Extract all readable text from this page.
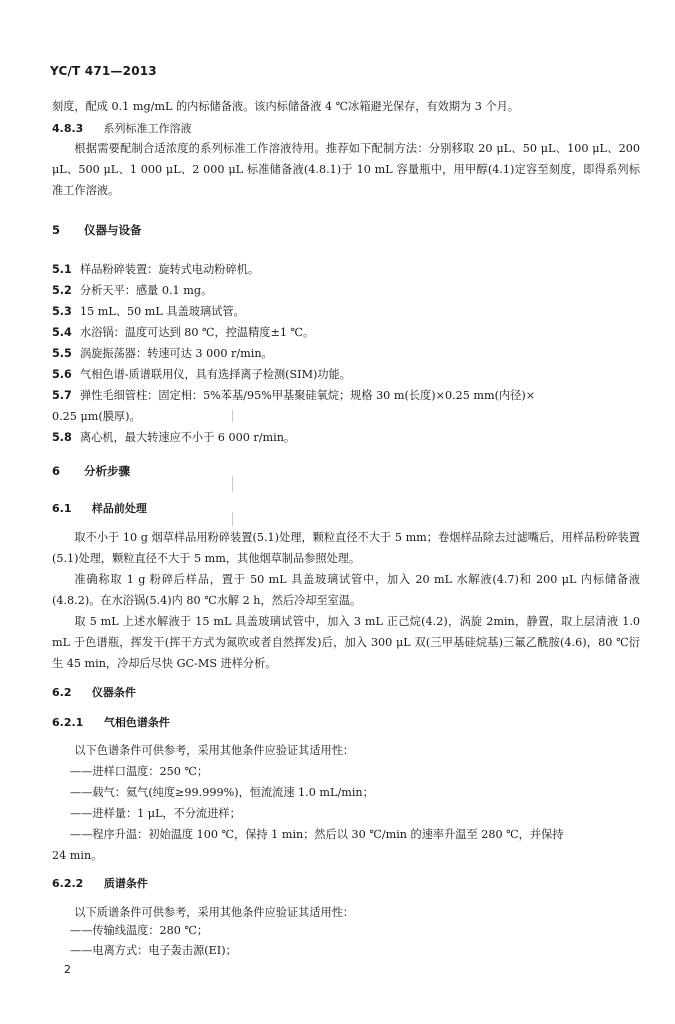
YC/T 471—2013

刻度，配成 0.1 mg/mL 的内标储备液。该内标储备液 4 ℃冰箱避光保存，有效期为 3 个月。

4.8.3 系列标准工作溶液

根据需要配制合适浓度的系列标准工作溶液待用。推荐如下配制方法：分别移取 20 μL、50 μL、100 μL、200 μL、500 μL、1 000 μL、2 000 μL 标准储备液(4.8.1)于 10 mL 容量瓶中，用甲醇(4.1)定容至刻度，即得系列标准工作溶液。

5 仪器与设备
5.1 样品粉碎装置：旋转式电动粉碎机。
5.2 分析天平：感量 0.1 mg。
5.3 15 mL、50 mL 具盖玻璃试管。
5.4 水浴锅：温度可达到 80 ℃，控温精度±1 ℃。
5.5 涡旋振荡器：转速可达 3 000 r/min。
5.6 气相色谱-质谱联用仪，具有选择离子检测(SIM)功能。
5.7 弹性毛细管柱：固定相：5%苯基/95%甲基聚硅氧烷；规格 30 m(长度)×0.25 mm(内径)×
0.25 μm(膜厚)。
5.8 离心机，最大转速应不小于 6 000 r/min。
6 分析步骤
6.1 样品前处理

取不小于 10 g 烟草样品用粉碎装置(5.1)处理，颗粒直径不大于 5 mm；卷烟样品除去过滤嘴后，用样品粉碎装置(5.1)处理，颗粒直径不大于 5 mm，其他烟草制品参照处理。

准确称取 1 g 粉碎后样品，置于 50 mL 具盖玻璃试管中，加入 20 mL 水解液(4.7)和 200 μL 内标储备液(4.8.2)。在水浴锅(5.4)内 80 ℃水解 2 h，然后冷却至室温。

取 5 mL 上述水解液于 15 mL 具盖玻璃试管中，加入 3 mL 正己烷(4.2)，涡旋 2min，静置，取上层清液 1.0 mL 于色谱瓶，挥发干(挥干方式为氮吹或者自然挥发)后，加入 300 μL 双(三甲基硅烷基)三氟乙酰胺(4.6)，80 ℃衍生 45 min，冷却后尽快 GC-MS 进样分析。

6.2 仪器条件
6.2.1 气相色谱条件

以下色谱条件可供参考，采用其他条件应验证其适用性：

——进样口温度：250 ℃；
——载气：氦气(纯度≥99.999%)，恒流流速 1.0 mL/min；
——进样量：1 μL，不分流进样；
——程序升温：初始温度 100 ℃，保持 1 min；然后以 30 ℃/min 的速率升温至 280 ℃，并保持
24 min。
6.2.2 质谱条件

以下质谱条件可供参考，采用其他条件应验证其适用性：

——传输线温度：280 ℃；
——电离方式：电子轰击源(EI)；
2
